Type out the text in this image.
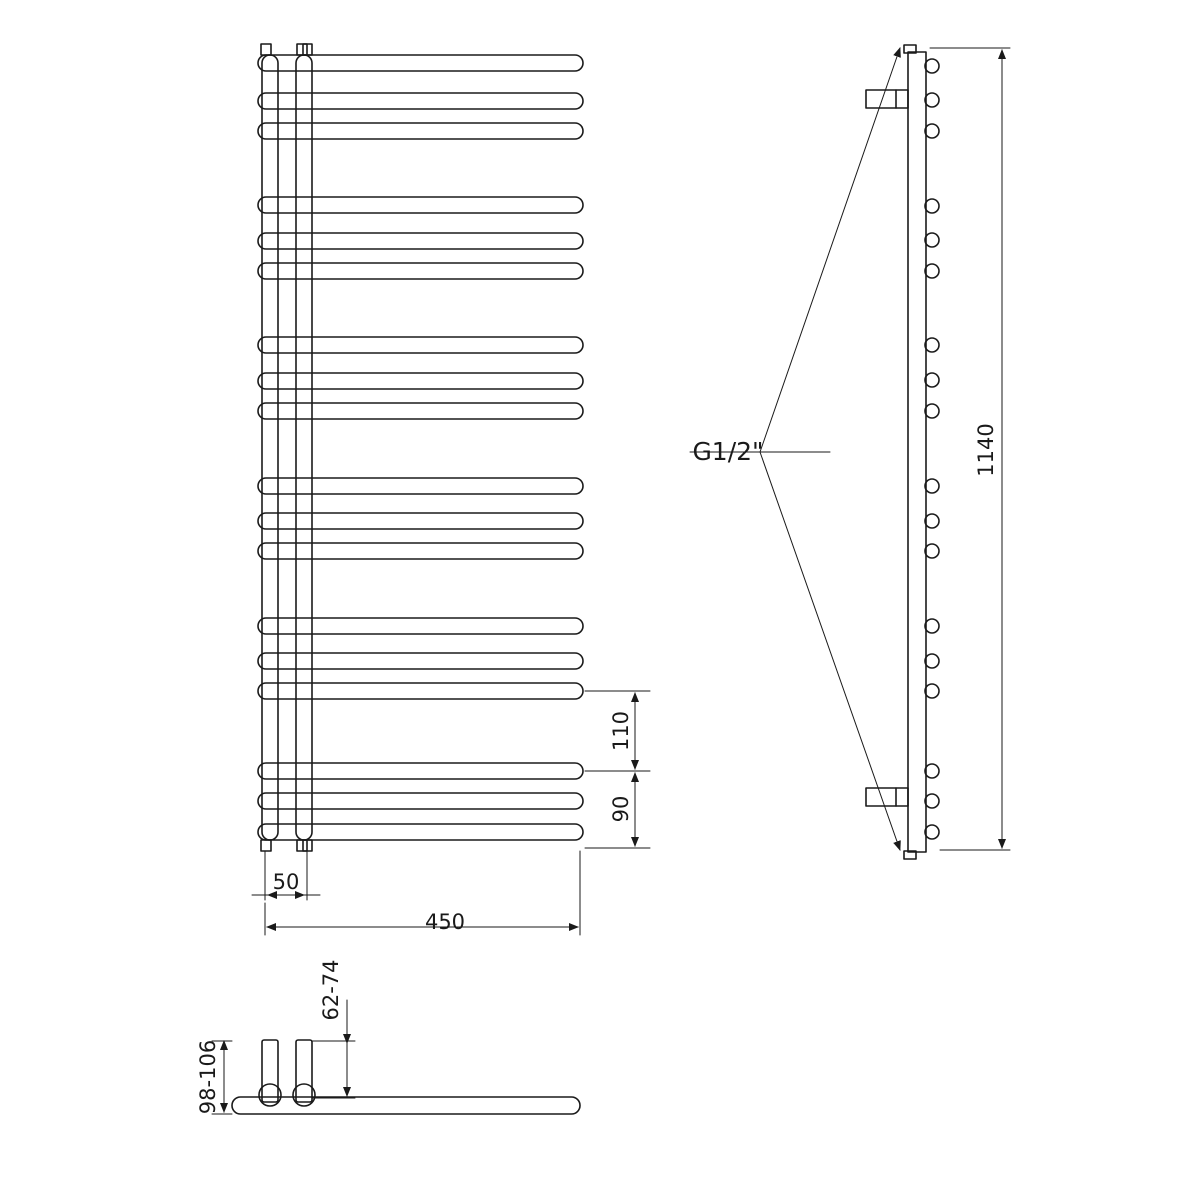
450
50
110
90
1140
62-74
98-106
G1/2"
